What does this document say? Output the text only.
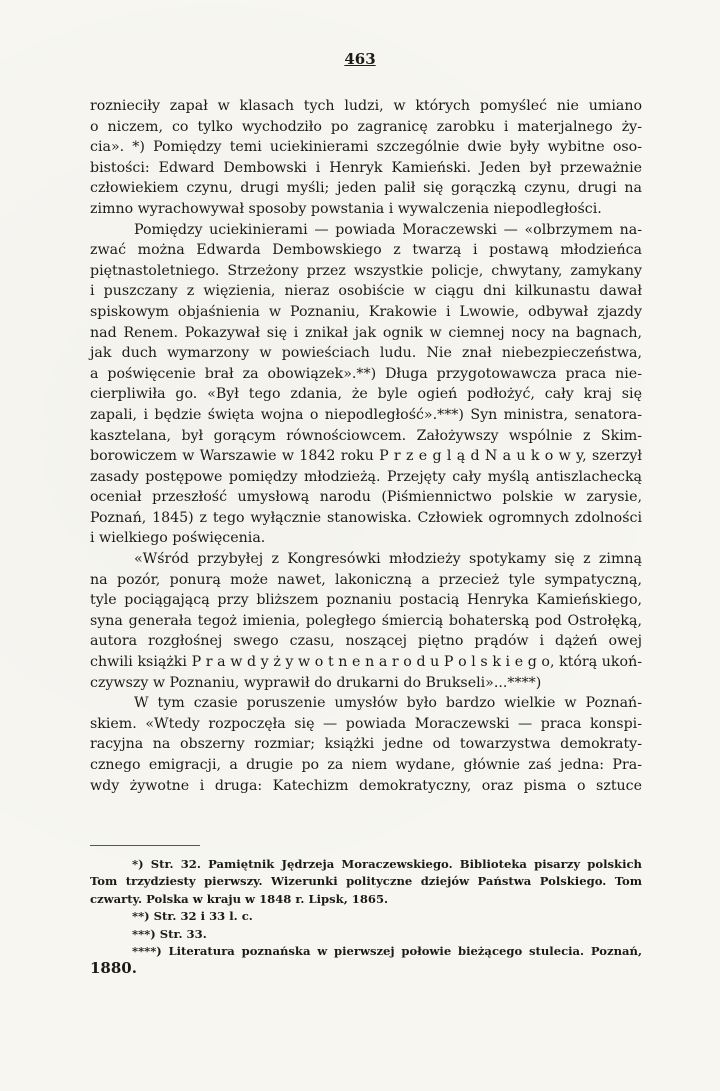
463
roznieciły zapał w klasach tych ludzi, w których pomyśleć nie umiano
o niczem, co tylko wychodziło po zagranicę zarobku i materjalnego ży-
cia». *) Pomiędzy temi uciekinierami szczególnie dwie były wybitne oso-
bistości: Edward Dembowski i Henryk Kamieński. Jeden był przeważnie
człowiekiem czynu, drugi myśli; jeden palił się gorączką czynu, drugi na
zimno wyrachowywał sposoby powstania i wywalczenia niepodległości.
Pomiędzy uciekinierami — powiada Moraczewski — «olbrzymem na-
zwać można Edwarda Dembowskiego z twarzą i postawą młodzieńca
piętnastoletniego. Strzeżony przez wszystkie policje, chwytany, zamykany
i puszczany z więzienia, nieraz osobiście w ciągu dni kilkunastu dawał
spiskowym objaśnienia w Poznaniu, Krakowie i Lwowie, odbywał zjazdy
nad Renem. Pokazywał się i znikał jak ognik w ciemnej nocy na bagnach,
jak duch wymarzony w powieściach ludu. Nie znał niebezpieczeństwa,
a poświęcenie brał za obowiązek».**) Długa przygotowawcza praca nie-
cierpliwiła go. «Był tego zdania, że byle ogień podłożyć, cały kraj się
zapali, i będzie święta wojna o niepodległość».***) Syn ministra, senatora-
kasztelana, był gorącym równościowcem. Założywszy wspólnie z Skim-
borowiczem w Warszawie w 1842 roku P r z e g l ą d N a u k o w y, szerzył
zasady postępowe pomiędzy młodzieżą. Przejęty cały myślą antiszlachecką
oceniał przeszłość umysłową narodu (Piśmiennictwo polskie w zarysie,
Poznań, 1845) z tego wyłącznie stanowiska. Człowiek ogromnych zdolności
i wielkiego poświęcenia.
«Wśród przybyłej z Kongresówki młodzieży spotykamy się z zimną
na pozór, ponurą może nawet, lakoniczną a przecież tyle sympatyczną,
tyle pociągającą przy bliższem poznaniu postacią Henryka Kamieńskiego,
syna generała tegoż imienia, poległego śmiercią bohaterską pod Ostrołęką,
autora rozgłośnej swego czasu, noszącej piętno prądów i dążeń owej
chwili książki P r a w d y ż y w o t n e n a r o d u P o l s k i e g o, którą ukoń-
czywszy w Poznaniu, wyprawił do drukarni do Brukseli»...****)
W tym czasie poruszenie umysłów było bardzo wielkie w Poznań-
skiem. «Wtedy rozpoczęła się — powiada Moraczewski — praca konspi-
racyjna na obszerny rozmiar; książki jedne od towarzystwa demokraty-
cznego emigracji, a drugie po za niem wydane, głównie zaś jedna: Pra-
wdy żywotne i druga: Katechizm demokratyczny, oraz pisma o sztuce
*) Str. 32. Pamiętnik Jędrzeja Moraczewskiego. Biblioteka pisarzy polskich
Tom trzydziesty pierwszy. Wizerunki polityczne dziejów Państwa Polskiego. Tom
czwarty. Polska w kraju w 1848 r. Lipsk, 1865.
**) Str. 32 i 33 l. c.
***) Str. 33.
****) Literatura poznańska w pierwszej połowie bieżącego stulecia. Poznań,
1880.
